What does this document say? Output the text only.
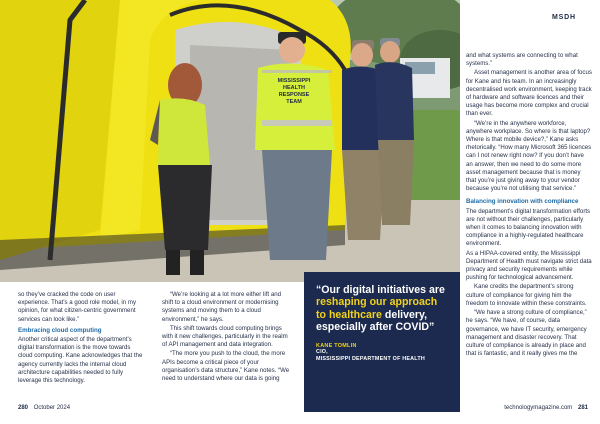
MISSISSIPPI
HEALTH
RESPONSE
TEAM
MSDH

and what systems are connecting to what systems.”

Asset management is another area of focus for Kane and his team. In an increasingly decentralised work environment, keeping track of hardware and software licences and their usage has become more complex and crucial than ever.

“We’re in the anywhere workforce, anywhere workplace. So where is that laptop? Where is that mobile device?,” Kane asks rhetorically. “How many Microsoft 365 licences can I not renew right now? If you don’t have an answer, then we need to do some more asset management because that is money that you’re just giving away to your vendor because you’re not utilising that service.”

Balancing innovation with compliance

The department’s digital transformation efforts are not without their challenges, particularly when it comes to balancing innovation with compliance in a highly-regulated healthcare environment.

As a HIPAA-covered entity, the Mississippi Department of Health must navigate strict data privacy and security requirements while pushing for technological advancement.

Kane credits the department’s strong culture of compliance for giving him the freedom to innovate within these constraints.

“We have a strong culture of compliance,” he says. “We have, of course, data governance, we have IT security, emergency management and disaster recovery. That culture of compliance is already in place and that is fantastic, and it really gives me the

so they’ve cracked the code on user experience. That’s a good role model, in my opinion, for what citizen-centric government services can look like.”

Embracing cloud computing

Another critical aspect of the department’s digital transformation is the move towards cloud computing. Kane acknowledges that the agency currently lacks the internal cloud architecture capabilities needed to fully leverage this technology.

“We’re looking at a lot more either lift and shift to a cloud environment or modernising systems and moving them to a cloud environment,” he says.

This shift towards cloud computing brings with it new challenges, particularly in the realm of API management and data integration.

“The more you push to the cloud, the more APIs become a critical piece of your organisation’s data structure,” Kane notes. “We need to understand where our data is going

“Our digital initiatives are reshaping our approach to healthcare delivery, especially after COVID”
KANE TOMLIN
CIO,
MISSISSIPPI DEPARTMENT OF HEALTH
280 October 2024	technologymagazine.com 281
